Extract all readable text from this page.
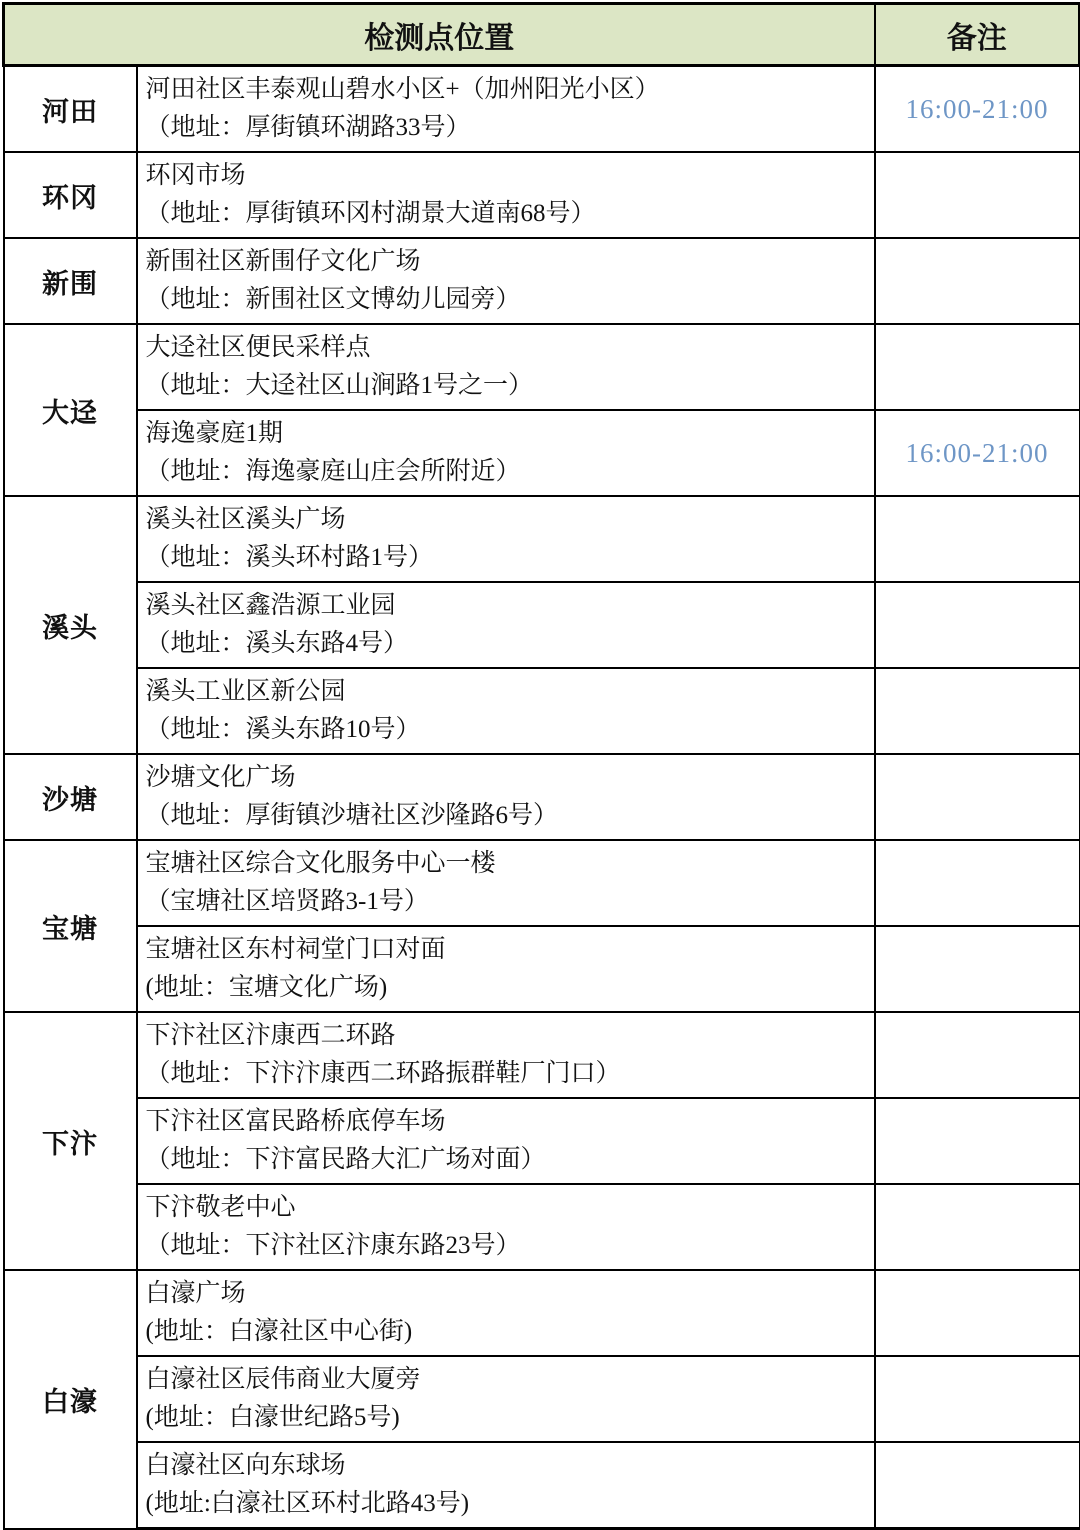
检测点位置		备注
河田	河田社区丰泰观山碧水小区+（加州阳光小区）
（地址：厚街镇环湖路33号）	16:00-21:00
环冈	环冈市场
（地址：厚街镇环冈村湖景大道南68号）	

新围	新围社区新围仔文化广场
（地址：新围社区文博幼儿园旁）	

大迳	大迳社区便民采样点
（地址：大迳社区山涧路1号之一）	

	海逸豪庭1期
（地址：海逸豪庭山庄会所附近）	16:00-21:00
溪头	溪头社区溪头广场
（地址：溪头环村路1号）	

	溪头社区鑫浩源工业园
（地址：溪头东路4号）	

	溪头工业区新公园
（地址：溪头东路10号）	

沙塘	沙塘文化广场
（地址：厚街镇沙塘社区沙隆路6号）	

宝塘	宝塘社区综合文化服务中心一楼
（宝塘社区培贤路3-1号）	

	宝塘社区东村祠堂门口对面
(地址：宝塘文化广场)	

下汴	下汴社区汴康西二环路
（地址：下汴汴康西二环路振群鞋厂门口）	

	下汴社区富民路桥底停车场
（地址：下汴富民路大汇广场对面）	

	下汴敬老中心
（地址：下汴社区汴康东路23号）	

白濠	白濠广场
(地址：白濠社区中心街)	

	白濠社区辰伟商业大厦旁
(地址：白濠世纪路5号)	

	白濠社区向东球场
(地址:白濠社区环村北路43号)	
